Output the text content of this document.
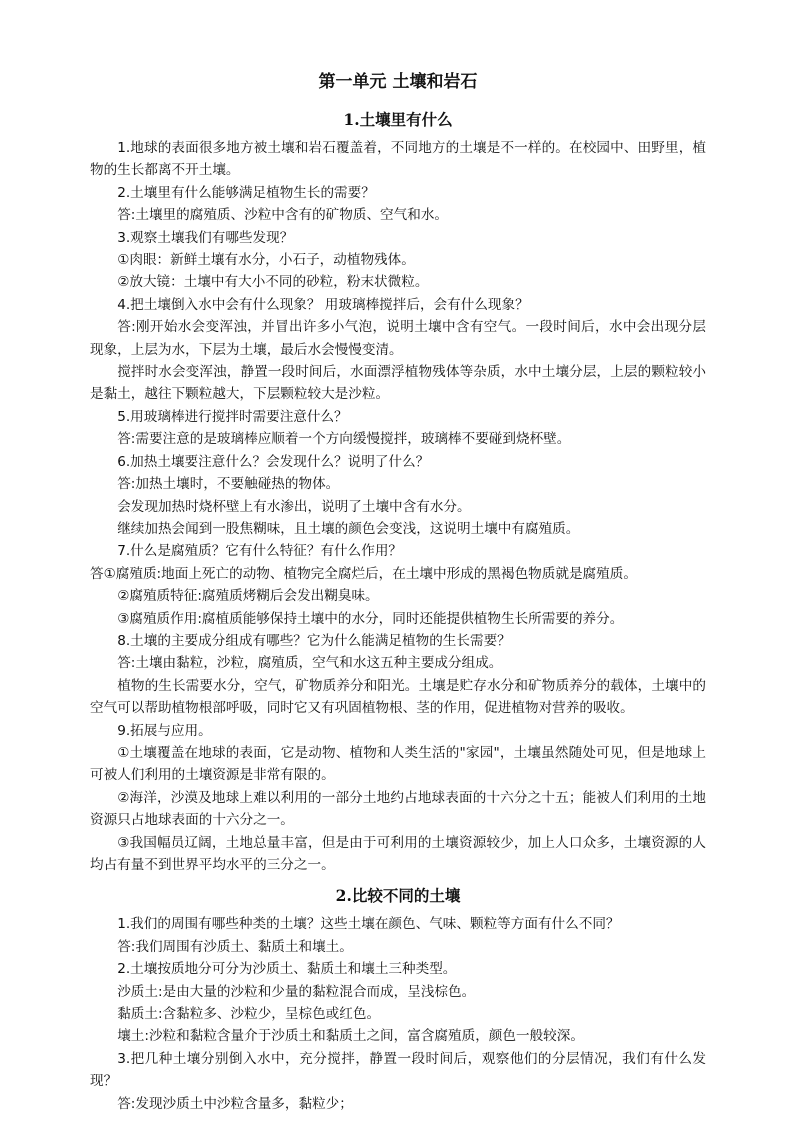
第一单元 土壤和岩石
1.土壤里有什么

1.地球的表面很多地方被土壤和岩石覆盖着，不同地方的土壤是不一样的。在校园中、田野里，植物的生长都离不开土壤。

2.土壤里有什么能够满足植物生长的需要？

答:土壤里的腐殖质、沙粒中含有的矿物质、空气和水。

3.观察土壤我们有哪些发现？

①肉眼：新鲜土壤有水分，小石子，动植物残体。

②放大镜：土壤中有大小不同的砂粒，粉末状微粒。

4.把土壤倒入水中会有什么现象？ 用玻璃棒搅拌后，会有什么现象？

答:刚开始水会变浑浊，并冒出许多小气泡，说明土壤中含有空气。一段时间后，水中会出现分层现象，上层为水，下层为土壤，最后水会慢慢变清。

搅拌时水会变浑浊，静置一段时间后，水面漂浮植物残体等杂质，水中土壤分层，上层的颗粒较小是黏土，越往下颗粒越大，下层颗粒较大是沙粒。

5.用玻璃棒进行搅拌时需要注意什么？

答:需要注意的是玻璃棒应顺着一个方向缓慢搅拌，玻璃棒不要碰到烧杯壁。

6.加热土壤要注意什么？会发现什么？说明了什么？

答:加热土壤时，不要触碰热的物体。

会发现加热时烧杯壁上有水渗出，说明了土壤中含有水分。

继续加热会闻到一股焦糊味，且土壤的颜色会变浅，这说明土壤中有腐殖质。

7.什么是腐殖质？它有什么特征？有什么作用？

答①腐殖质:地面上死亡的动物、植物完全腐烂后，在土壤中形成的黑褐色物质就是腐殖质。

②腐殖质特征:腐殖质烤糊后会发出糊臭味。

③腐殖质作用:腐植质能够保持土壤中的水分，同时还能提供植物生长所需要的养分。

8.土壤的主要成分组成有哪些？它为什么能满足植物的生长需要？

答:土壤由黏粒，沙粒，腐殖质，空气和水这五种主要成分组成。

植物的生长需要水分，空气，矿物质养分和阳光。土壤是贮存水分和矿物质养分的载体，土壤中的空气可以帮助植物根部呼吸，同时它又有巩固植物根、茎的作用，促进植物对营养的吸收。

9.拓展与应用。

①土壤覆盖在地球的表面，它是动物、植物和人类生活的"家园"，土壤虽然随处可见，但是地球上可被人们利用的土壤资源是非常有限的。

②海洋，沙漠及地球上难以利用的一部分土地约占地球表面的十六分之十五；能被人们利用的土地资源只占地球表面的十六分之一。

③我国幅员辽阔，土地总量丰富，但是由于可利用的土壤资源较少，加上人口众多，土壤资源的人均占有量不到世界平均水平的三分之一。

2.比较不同的土壤

1.我们的周围有哪些种类的土壤？这些土壤在颜色、气味、颗粒等方面有什么不同？

答:我们周围有沙质土、黏质土和壤土。

2.土壤按质地分可分为沙质土、黏质土和壤土三种类型。

沙质土:是由大量的沙粒和少量的黏粒混合而成，呈浅棕色。

黏质土:含黏粒多、沙粒少，呈棕色或红色。

壤土:沙粒和黏粒含量介于沙质土和黏质土之间，富含腐殖质，颜色一般较深。

3.把几种土壤分别倒入水中，充分搅拌，静置一段时间后，观察他们的分层情况，我们有什么发现？

答:发现沙质土中沙粒含量多，黏粒少；
